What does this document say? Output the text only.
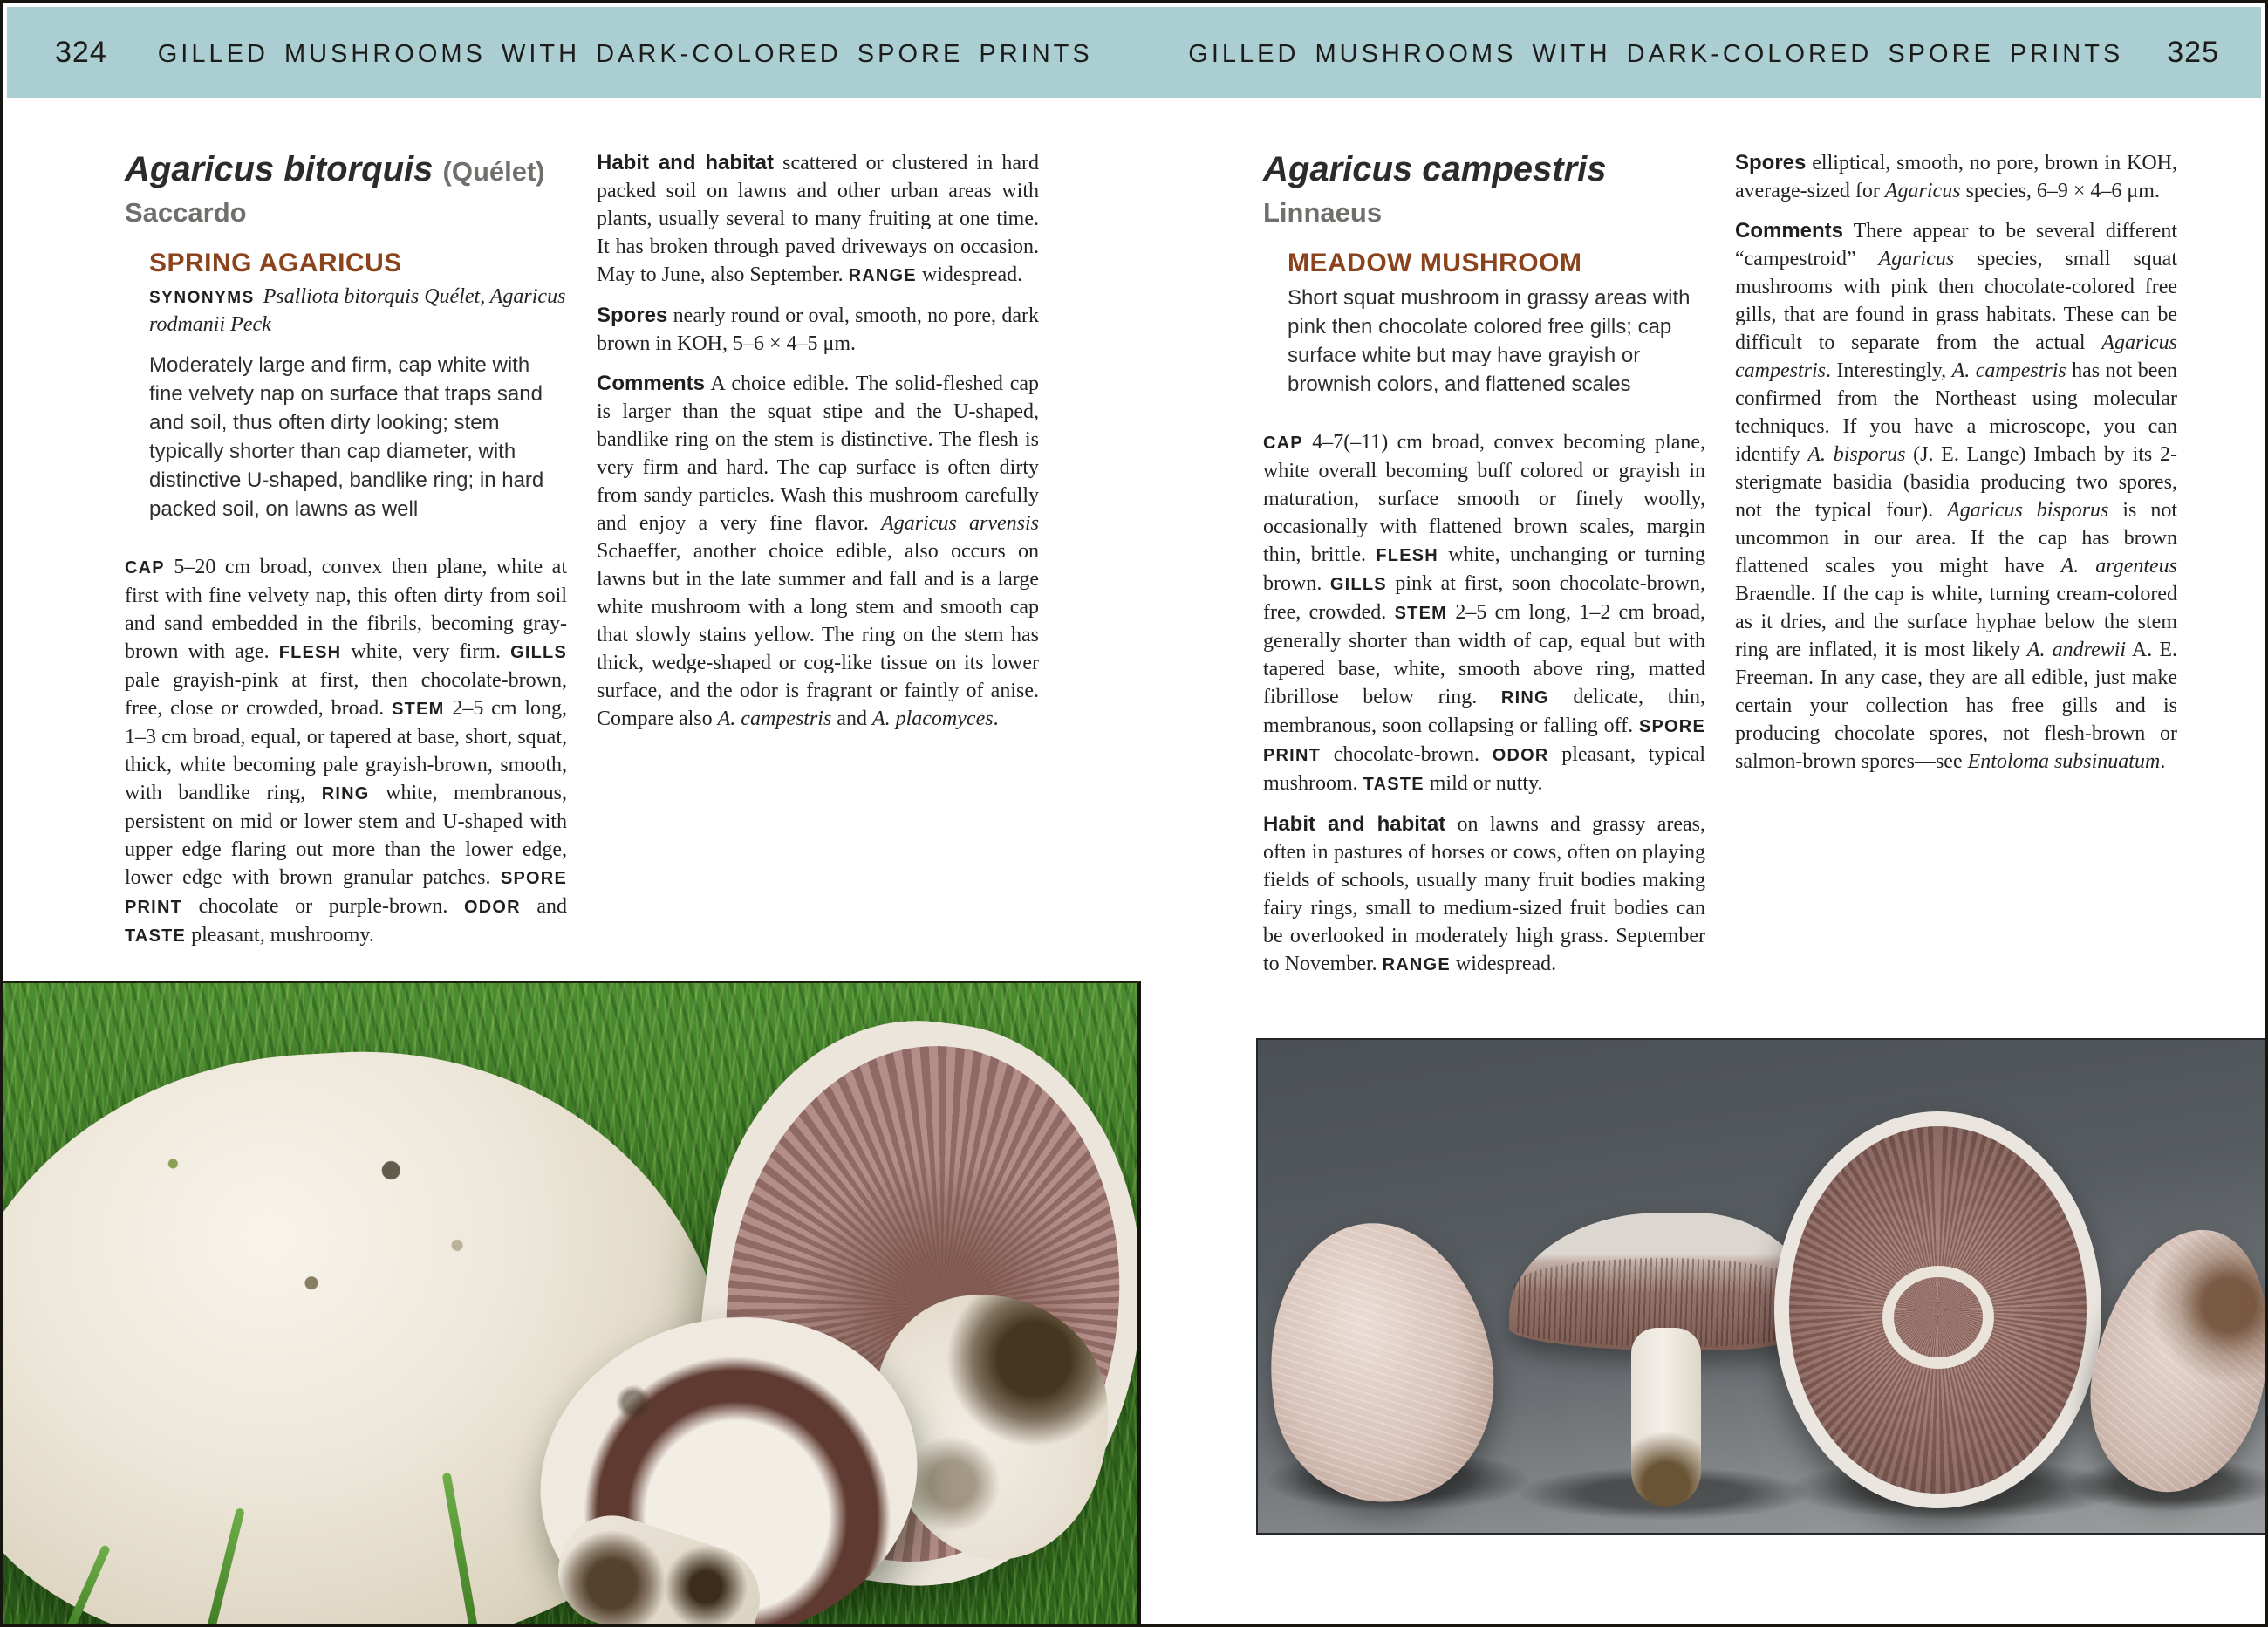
324 GILLED MUSHROOMS WITH DARK-COLORED SPORE PRINTS	GILLED MUSHROOMS WITH DARK-COLORED SPORE PRINTS 325
Agaricus bitorquis (Quélet)
Saccardo

SPRING AGARICUS

SYNONYMS Psalliota bitorquis Quélet, Agaricus rodmanii Peck

Moderately large and firm, cap white with fine velvety nap on surface that traps sand and soil, thus often dirty looking; stem typically shorter than cap diameter, with distinctive U-shaped, bandlike ring; in hard packed soil, on lawns as well

CAP 5–20 cm broad, convex then plane, white at first with fine velvety nap, this often dirty from soil and sand embedded in the fibrils, becoming gray-brown with age. FLESH white, very firm. GILLS pale grayish-pink at first, then chocolate-brown, free, close or crowded, broad. STEM 2–5 cm long, 1–3 cm broad, equal, or tapered at base, short, squat, thick, white becoming pale grayish-brown, smooth, with bandlike ring, RING white, membranous, persistent on mid or lower stem and U-shaped with upper edge flaring out more than the lower edge, lower edge with brown granular patches. SPORE PRINT chocolate or purple-brown. ODOR and TASTE pleasant, mushroomy.

Habit and habitat scattered or clustered in hard packed soil on lawns and other urban areas with plants, usually several to many fruiting at one time. It has broken through paved driveways on occasion. May to June, also September. RANGE widespread.

Spores nearly round or oval, smooth, no pore, dark brown in KOH, 5–6 × 4–5 μm.

Comments A choice edible. The solid-fleshed cap is larger than the squat stipe and the U-shaped, bandlike ring on the stem is distinctive. The flesh is very firm and hard. The cap surface is often dirty from sandy particles. Wash this mushroom carefully and enjoy a very fine flavor. Agaricus arvensis Schaeffer, another choice edible, also occurs on lawns but in the late summer and fall and is a large white mushroom with a long stem and smooth cap that slowly stains yellow. The ring on the stem has thick, wedge-shaped or cog-like tissue on its lower surface, and the odor is fragrant or faintly of anise. Compare also A. campestris and A. placomyces.

Agaricus campestris Linnaeus

MEADOW MUSHROOM

Short squat mushroom in grassy areas with pink then chocolate colored free gills; cap surface white but may have grayish or brownish colors, and flattened scales

CAP 4–7(–11) cm broad, convex becoming plane, white overall becoming buff colored or grayish in maturation, surface smooth or finely woolly, occasionally with flattened brown scales, margin thin, brittle. FLESH white, unchanging or turning brown. GILLS pink at first, soon chocolate-brown, free, crowded. STEM 2–5 cm long, 1–2 cm broad, generally shorter than width of cap, equal but with tapered base, white, smooth above ring, matted fibrillose below ring. RING delicate, thin, membranous, soon collapsing or falling off. SPORE PRINT chocolate-brown. ODOR pleasant, typical mushroom. TASTE mild or nutty.

Habit and habitat on lawns and grassy areas, often in pastures of horses or cows, often on playing fields of schools, usually many fruit bodies making fairy rings, small to medium-sized fruit bodies can be overlooked in moderately high grass. September to November. RANGE widespread.

Spores elliptical, smooth, no pore, brown in KOH, average-sized for Agaricus species, 6–9 × 4–6 μm.

Comments There appear to be several different “campestroid” Agaricus species, small squat mushrooms with pink then chocolate-colored free gills, that are found in grass habitats. These can be difficult to separate from the actual Agaricus campestris. Interestingly, A. campestris has not been confirmed from the Northeast using molecular techniques. If you have a microscope, you can identify A. bisporus (J. E. Lange) Imbach by its 2-sterigmate basidia (basidia producing two spores, not the typical four). Agaricus bisporus is not uncommon in our area. If the cap has brown flattened scales you might have A. argenteus Braendle. If the cap is white, turning cream-colored as it dries, and the surface hyphae below the stem ring are inflated, it is most likely A. andrewii A. E. Freeman. In any case, they are all edible, just make certain your collection has free gills and is producing chocolate spores, not flesh-brown or salmon-brown spores—see Entoloma subsinuatum.
